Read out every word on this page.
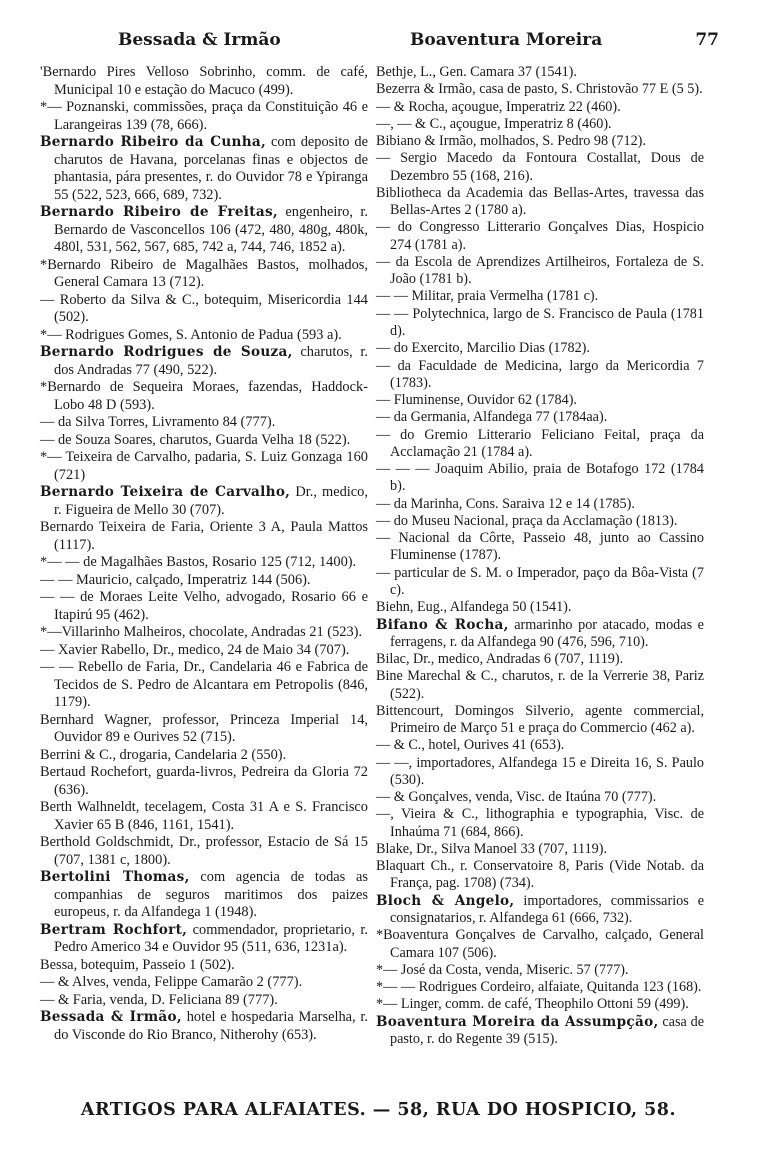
Bessada & Irmão	Boaventura Moreira	77

'Bernardo Pires Velloso Sobrinho, comm. de café, Municipal 10 e estação do Macuco (499).

*— Poznanski, commissões, praça da Constituição 46 e Larangeiras 139 (78, 666).

Bernardo Ribeiro da Cunha, com deposito de charutos de Havana, porcelanas finas e objectos de phantasia, pára presentes, r. do Ouvidor 78 e Ypiranga 55 (522, 523, 666, 689, 732).

Bernardo Ribeiro de Freitas, engenheiro, r. Bernardo de Vasconcellos 106 (472, 480, 480g, 480k, 480l, 531, 562, 567, 685, 742 a, 744, 746, 1852 a).

*Bernardo Ribeiro de Magalhães Bastos, molhados, General Camara 13 (712).

— Roberto da Silva & C., botequim, Misericordia 144 (502).

*— Rodrigues Gomes, S. Antonio de Padua (593 a).

Bernardo Rodrigues de Souza, charutos, r. dos Andradas 77 (490, 522).

*Bernardo de Sequeira Moraes, fazendas, Haddock-Lobo 48 D (593).

— da Silva Torres, Livramento 84 (777).

— de Souza Soares, charutos, Guarda Velha 18 (522).

*— Teixeira de Carvalho, padaria, S. Luiz Gonzaga 160 (721)

Bernardo Teixeira de Carvalho, Dr., medico, r. Figueira de Mello 30 (707).

Bernardo Teixeira de Faria, Oriente 3 A, Paula Mattos (1117).

*— — de Magalhães Bastos, Rosario 125 (712, 1400).

— — Mauricio, calçado, Imperatriz 144 (506).

— — de Moraes Leite Velho, advogado, Rosario 66 e Itapirú 95 (462).

*—Villarinho Malheiros, chocolate, Andradas 21 (523).

— Xavier Rabello, Dr., medico, 24 de Maio 34 (707).

— — Rebello de Faria, Dr., Candelaria 46 e Fabrica de Tecidos de S. Pedro de Alcantara em Petropolis (846, 1179).

Bernhard Wagner, professor, Princeza Imperial 14, Ouvidor 89 e Ourives 52 (715).

Berrini & C., drogaria, Candelaria 2 (550).

Bertaud Rochefort, guarda-livros, Pedreira da Gloria 72 (636).

Berth Walhneldt, tecelagem, Costa 31 A e S. Francisco Xavier 65 B (846, 1161, 1541).

Berthold Goldschmidt, Dr., professor, Estacio de Sá 15 (707, 1381 c, 1800).

Bertolini Thomas, com agencia de todas as companhias de seguros maritimos dos paizes europeus, r. da Alfandega 1 (1948).

Bertram Rochfort, commendador, proprietario, r. Pedro Americo 34 e Ouvidor 95 (511, 636, 1231a).

Bessa, botequim, Passeio 1 (502).

— & Alves, venda, Felippe Camarão 2 (777).

— & Faria, venda, D. Feliciana 89 (777).

Bessada & Irmão, hotel e hospedaria Marselha, r. do Visconde do Rio Branco, Nitherohy (653).

Bethje, L., Gen. Camara 37 (1541).

Bezerra & Irmão, casa de pasto, S. Christovão 77 E (5 5).

— & Rocha, açougue, Imperatriz 22 (460).

—, — & C., açougue, Imperatriz 8 (460).

Bibiano & Irmão, molhados, S. Pedro 98 (712).

— Sergio Macedo da Fontoura Costallat, Dous de Dezembro 55 (168, 216).

Bibliotheca da Academia das Bellas-Artes, travessa das Bellas-Artes 2 (1780 a).

— do Congresso Litterario Gonçalves Dias, Hospicio 274 (1781 a).

— da Escola de Aprendizes Artilheiros, Fortaleza de S. João (1781 b).

— — Militar, praia Vermelha (1781 c).

— — Polytechnica, largo de S. Francisco de Paula (1781 d).

— do Exercito, Marcilio Dias (1782).

— da Faculdade de Medicina, largo da Mericordia 7 (1783).

— Fluminense, Ouvidor 62 (1784).

— da Germania, Alfandega 77 (1784aa).

— do Gremio Litterario Feliciano Feital, praça da Acclamação 21 (1784 a).

— — — Joaquim Abilio, praia de Botafogo 172 (1784 b).

— da Marinha, Cons. Saraiva 12 e 14 (1785).

— do Museu Nacional, praça da Acclamação (1813).

— Nacional da Côrte, Passeio 48, junto ao Cassino Fluminense (1787).

— particular de S. M. o Imperador, paço da Bôa-Vista (7 c).

Biehn, Eug., Alfandega 50 (1541).

Bifano & Rocha, armarinho por atacado, modas e ferragens, r. da Alfandega 90 (476, 596, 710).

Bilac, Dr., medico, Andradas 6 (707, 1119).

Bine Marechal & C., charutos, r. de la Verrerie 38, Pariz (522).

Bittencourt, Domingos Silverio, agente commercial, Primeiro de Março 51 e praça do Commercio (462 a).

— & C., hotel, Ourives 41 (653).

— —, importadores, Alfandega 15 e Direita 16, S. Paulo (530).

— & Gonçalves, venda, Visc. de Itaúna 70 (777).

—, Vieira & C., lithographia e typographia, Visc. de Inhaúma 71 (684, 866).

Blake, Dr., Silva Manoel 33 (707, 1119).

Blaquart Ch., r. Conservatoire 8, Paris (Vide Notab. da França, pag. 1708) (734).

Bloch & Angelo, importadores, commissarios e consignatarios, r. Alfandega 61 (666, 732).

*Boaventura Gonçalves de Carvalho, calçado, General Camara 107 (506).

*— José da Costa, venda, Miseric. 57 (777).

*— — Rodrigues Cordeiro, alfaiate, Quitanda 123 (168).

*— Linger, comm. de café, Theophilo Ottoni 59 (499).

Boaventura Moreira da Assumpção, casa de pasto, r. do Regente 39 (515).

ARTIGOS PARA ALFAIATES. — 58, RUA DO HOSPICIO, 58.
